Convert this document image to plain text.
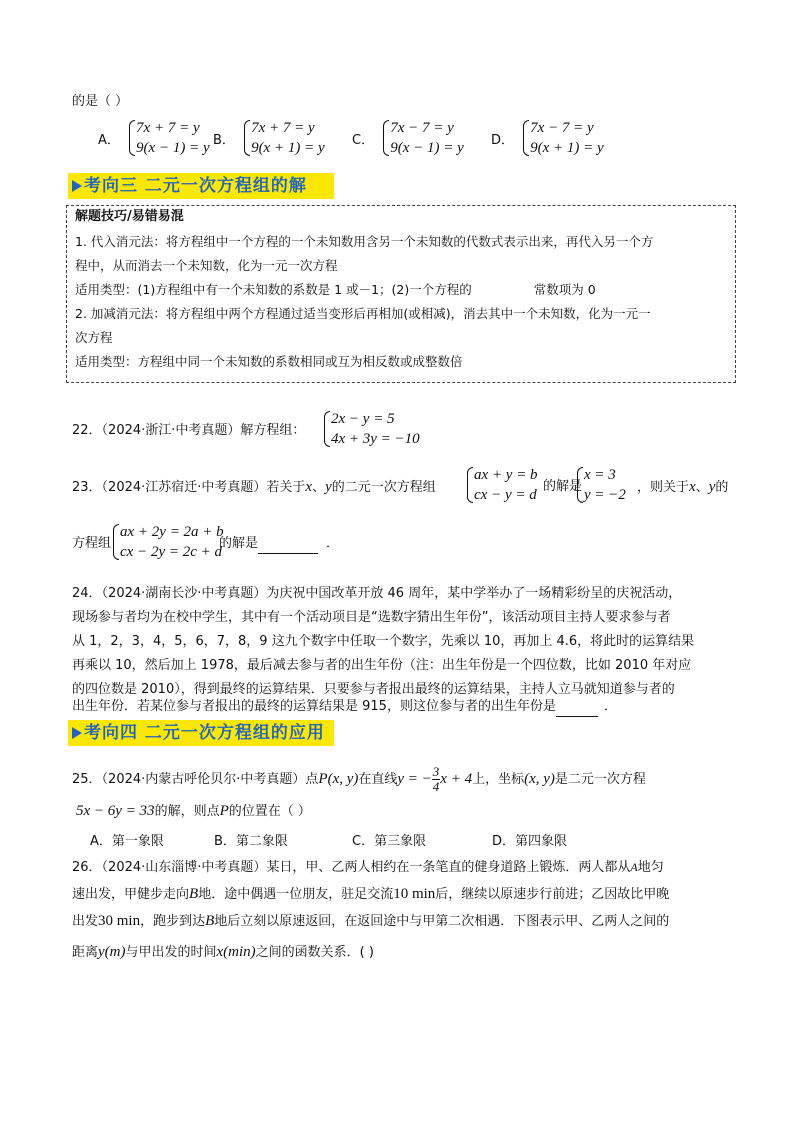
的是（ ）
A．
7x + 7 = y
9(x − 1) = y B．
7x + 7 = y
9(x + 1) = y C．
7x − 7 = y
9(x − 1) = y D．
7x − 7 = y
9(x + 1) = y
考向三 二元一次方程组的解
解题技巧/易错易混
1. 代入消元法：将方程组中一个方程的一个未知数用含另一个未知数的代数式表示出来，再代入另一个方
程中，从而消去一个未知数，化为一元一次方程
适用类型：(1)方程组中有一个未知数的系数是 1 或－1；(2)一个方程的	常数项为 0
2. 加减消元法：将方程组中两个方程通过适当变形后再相加(或相减)，消去其中一个未知数，化为一元一
次方程
适用类型：方程组中同一个未知数的系数相同或互为相反数或成整数倍
22．（2024·浙江·中考真题）解方程组：
2x − y = 5
4x + 3y = −10
23．（2024·江苏宿迁·中考真题）若关于x、y的二元一次方程组
ax + y = b
cx − y = d
的解是
x = 3
y = −2 ，则关于x、y的
方程组
ax + 2y = 2a + b
cx − 2y = 2c + d
的解是	．
24．（2024·湖南长沙·中考真题）为庆祝中国改革开放 46 周年，某中学举办了一场精彩纷呈的庆祝活动，
现场参与者均为在校中学生，其中有一个活动项目是“选数字猜出生年份”，该活动项目主持人要求参与者
从 1，2，3，4，5，6，7，8，9 这九个数字中任取一个数字，先乘以 10，再加上 4.6，将此时的运算结果
再乘以 10，然后加上 1978，最后减去参与者的出生年份（注：出生年份是一个四位数，比如 2010 年对应
的四位数是 2010），得到最终的运算结果．只要参与者报出最终的运算结果，主持人立马就知道参与者的
出生年份．若某位参与者报出的最终的运算结果是 915，则这位参与者的出生年份是	．
考向四 二元一次方程组的应用
25．（2024·内蒙古呼伦贝尔·中考真题）点P(x, y)在直线y = − $\frac{3}{4}$ x + 4上，坐标(x, y)是二元一次方程
5x − 6y = 33的解，则点P的位置在（ ）
A．第一象限	B．第二象限	C．第三象限	D．第四象限
26．（2024·山东淄博·中考真题）某日，甲、乙两人相约在一条笔直的健身道路上锻炼．两人都从A地匀
速出发，甲健步走向B地．途中偶遇一位朋友，驻足交流10 min后，继续以原速步行前进；乙因故比甲晚
出发30 min，跑步到达B地后立刻以原速返回，在返回途中与甲第二次相遇．下图表示甲、乙两人之间的
距离y(m)与甲出发的时间x(min)之间的函数关系．( )
